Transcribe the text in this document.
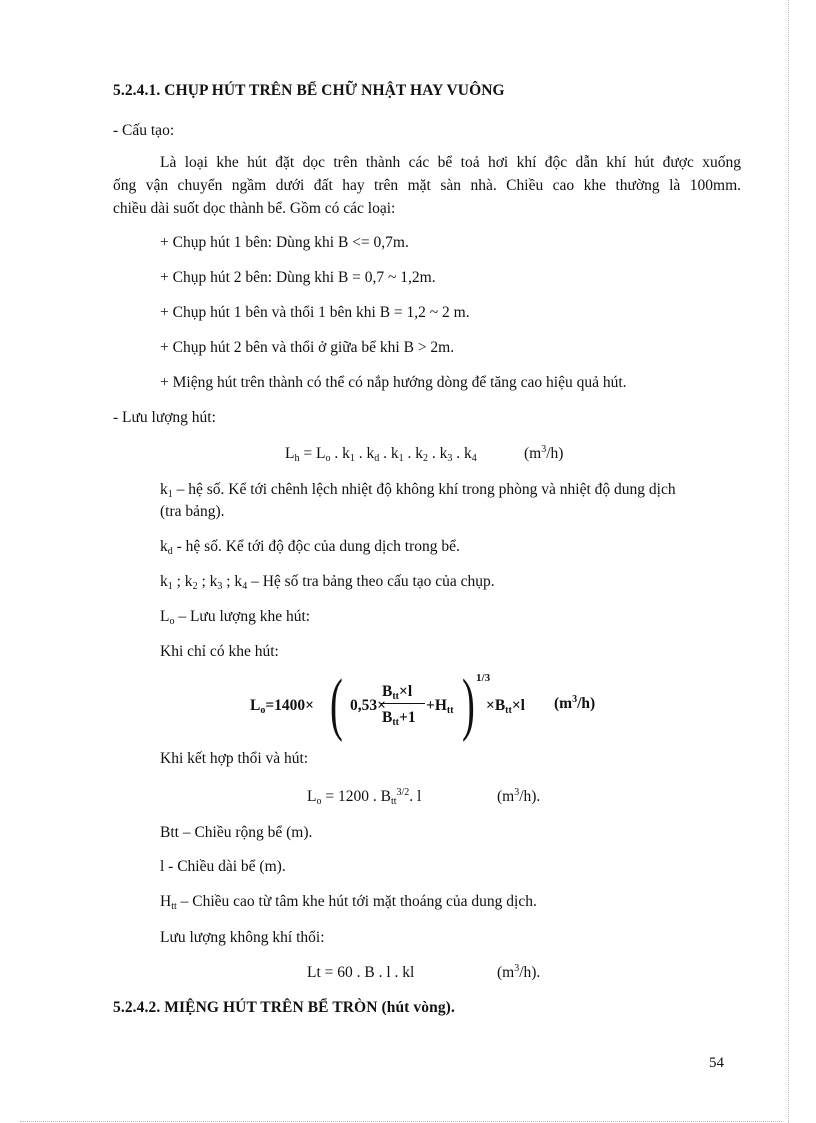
5.2.4.1. CHỤP HÚT TRÊN BỂ CHỮ NHẬT HAY VUÔNG
- Cấu tạo:
Là loại khe hút đặt dọc trên thành các bể toả hơi khí độc dẫn khí hút được xuống
ống vận chuyển ngầm dưới đất hay trên mặt sàn nhà. Chiều cao khe thường là 100mm.
chiều dài suốt dọc thành bể. Gồm có các loại:
+ Chụp hút 1 bên: Dùng khi B <= 0,7m.
+ Chụp hút 2 bên: Dùng khi B = 0,7 ~ 1,2m.
+ Chụp hút 1 bên và thổi 1 bên khi B = 1,2 ~ 2 m.
+ Chụp hút 2 bên và thổi ở giữa bể khi B > 2m.
+ Miệng hút trên thành có thể có nắp hướng dòng để tăng cao hiệu quả hút.
- Lưu lượng hút:
$L_h = L_o$ . $k_1$ . $k_d$ . $k_1$ . $k_2$ . $k_3$ . $k_4$	$(m^3/h)$
$k_1$ – hệ số. Kể tới chênh lệch nhiệt độ không khí trong phòng và nhiệt độ dung dịch
(tra bảng).
$k_d$ - hệ số. Kể tới độ độc của dung dịch trong bể.
$k_1$ ; $k_2$ ; $k_3$ ; $k_4$ – Hệ số tra bảng theo cấu tạo của chụp.
$L_o$ – Lưu lượng khe hút:
Khi chỉ có khe hút:
$L_o=1400\times$ ( 0,53×
$B_{tt}\times l$
$B_{tt}+1$
$+H_{tt}$ ) 1/3
$\times B_{tt}\times l$ $(m^3/h)$
Khi kết hợp thổi và hút:
$L_o = 1200$ . $B_{tt}^{3/2}$. l	$(m^3/h)$.
Btt – Chiều rộng bể (m).
l - Chiều dài bể (m).
$H_{tt}$ – Chiều cao từ tâm khe hút tới mặt thoáng của dung dịch.
Lưu lượng không khí thổi:
Lt = 60 . B . l . kl	$(m^3/h)$.
5.2.4.2. MIỆNG HÚT TRÊN BỂ TRÒN (hút vòng).
54
